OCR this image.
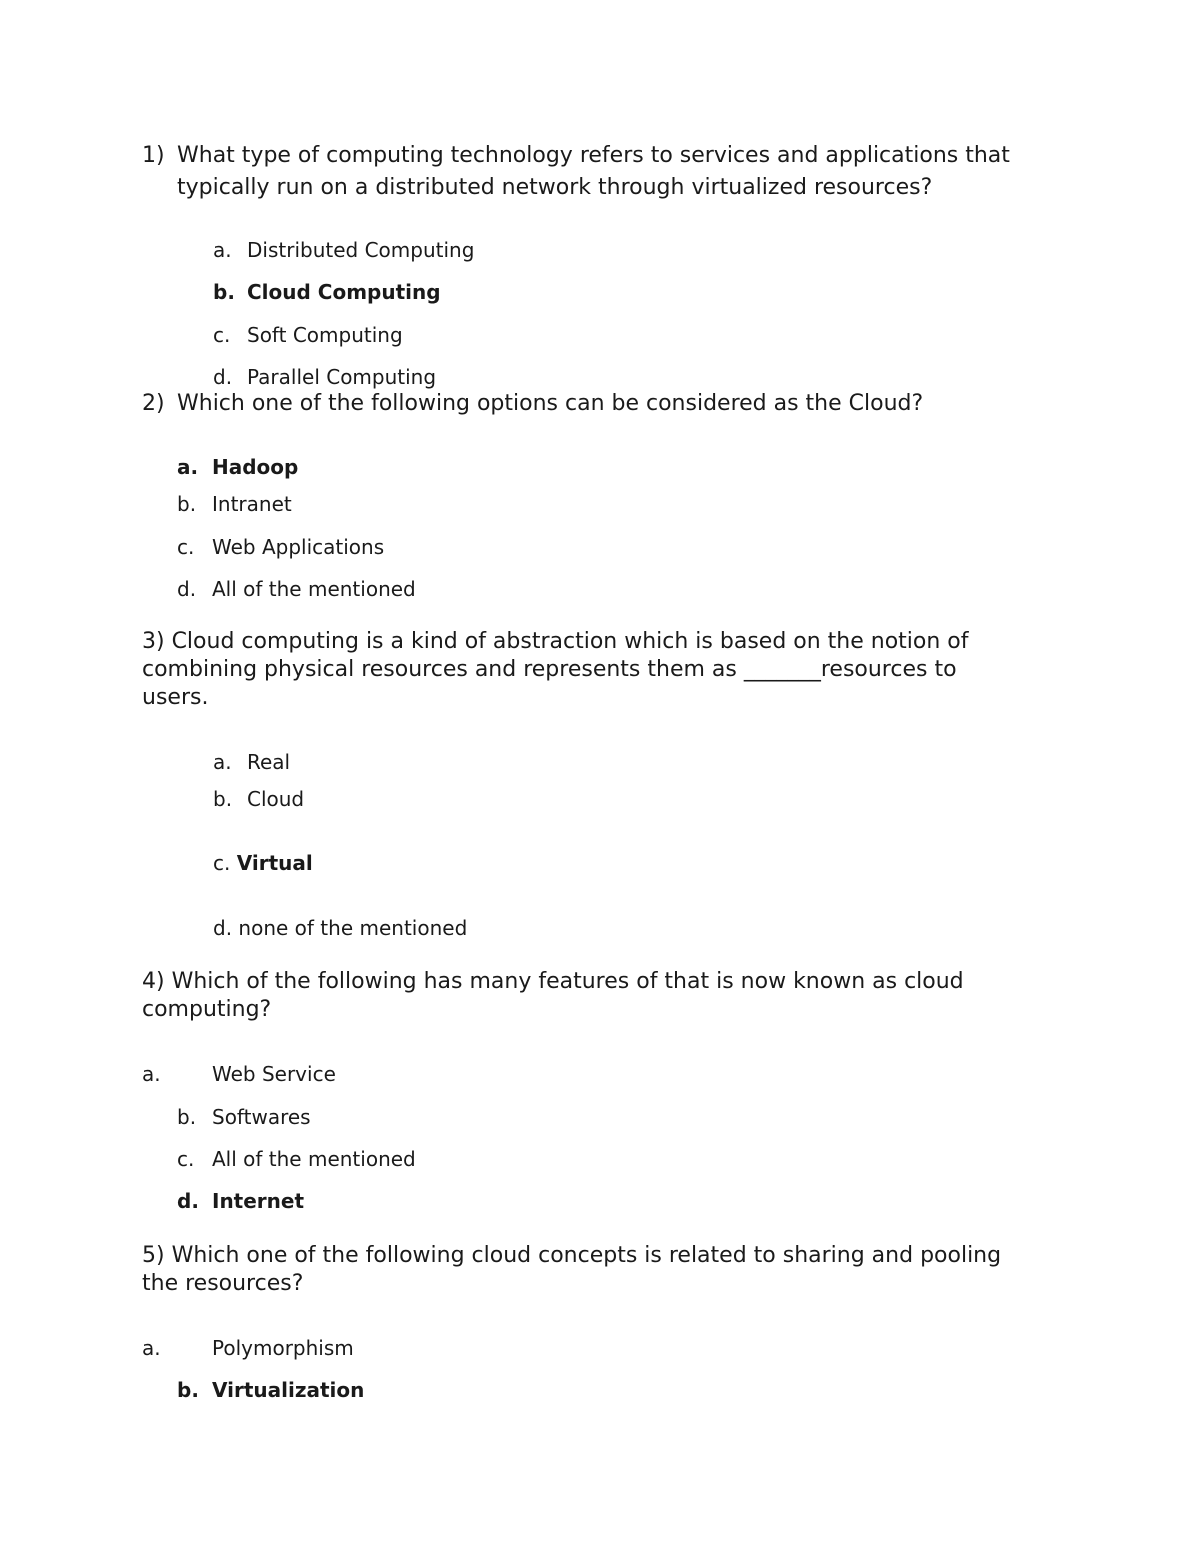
1) What type of computing technology refers to services and applications that
typically run on a distributed network through virtualized resources?
a. Distributed Computing
b. Cloud Computing
c. Soft Computing
d. Parallel Computing
2) Which one of the following options can be considered as the Cloud?
a. Hadoop
b. Intranet
c. Web Applications
d. All of the mentioned
3) Cloud computing is a kind of abstraction which is based on the notion of
combining physical resources and represents them as _______resources to
users.
a. Real
b. Cloud
c. Virtual
d. none of the mentioned
4) Which of the following has many features of that is now known as cloud
computing?
a.	Web Service
b. Softwares
c. All of the mentioned
d. Internet
5) Which one of the following cloud concepts is related to sharing and pooling
the resources?
a.	Polymorphism
b. Virtualization
